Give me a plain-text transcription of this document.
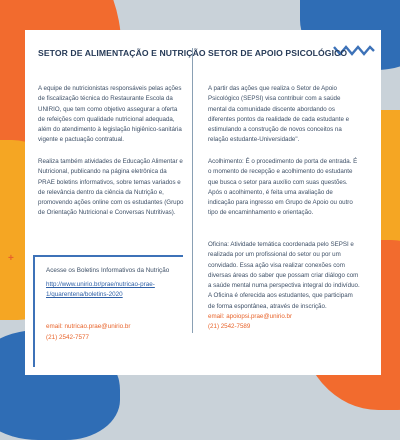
+
SETOR DE ALIMENTAÇÃO E NUTRIÇÃO

A equipe de nutricionistas responsáveis pelas ações de fiscalização técnica do Restaurante Escola da UNIRIO, que tem como objetivo assegurar a oferta de refeições com qualidade nutricional adequada, além do atendimento à legislação higiênico-sanitária vigente e pactuação contratual.

Realiza também atividades de Educação Alimentar e Nutricional, publicando na página eletrônica da PRAE boletins informativos, sobre temas variados e de relevância dentro da ciência da Nutrição e, promovendo ações online com os estudantes (Grupo de Orientação Nutricional e Conversas Nutritivas).

Acesse os Boletins Informativos da Nutrição

http://www.unirio.br/prae/nutricao-prae-1/quarentena/boletins-2020

email: nutricao.prae@unirio.br

(21) 2542-7577

SETOR DE APOIO PSICOLÓGICO

A partir das ações que realiza o Setor de Apoio Psicológico (SEPSI) visa contribuir com a saúde mental da comunidade discente abordando os diferentes pontos da realidade de cada estudante e estimulando a construção de novos conceitos na relação estudante-Universidade".

Acolhimento: É o procedimento de porta de entrada. É o momento de recepção e acolhimento do estudante que busca o setor para auxílio com suas questões. Após o acolhimento, é feita uma avaliação de indicação para ingresso em Grupo de Apoio ou outro tipo de encaminhamento e orientação.

Oficina: Atividade temática coordenada pelo SEPSI e realizada por um profissional do setor ou por um convidado. Essa ação visa realizar conexões com diversas áreas do saber que possam criar diálogo com a saúde mental numa perspectiva integral do indivíduo. A Oficina é oferecida aos estudantes, que participam de forma espontânea, através de inscrição.
email: apoiopsi.prae@unirio.br
(21) 2542-7589
